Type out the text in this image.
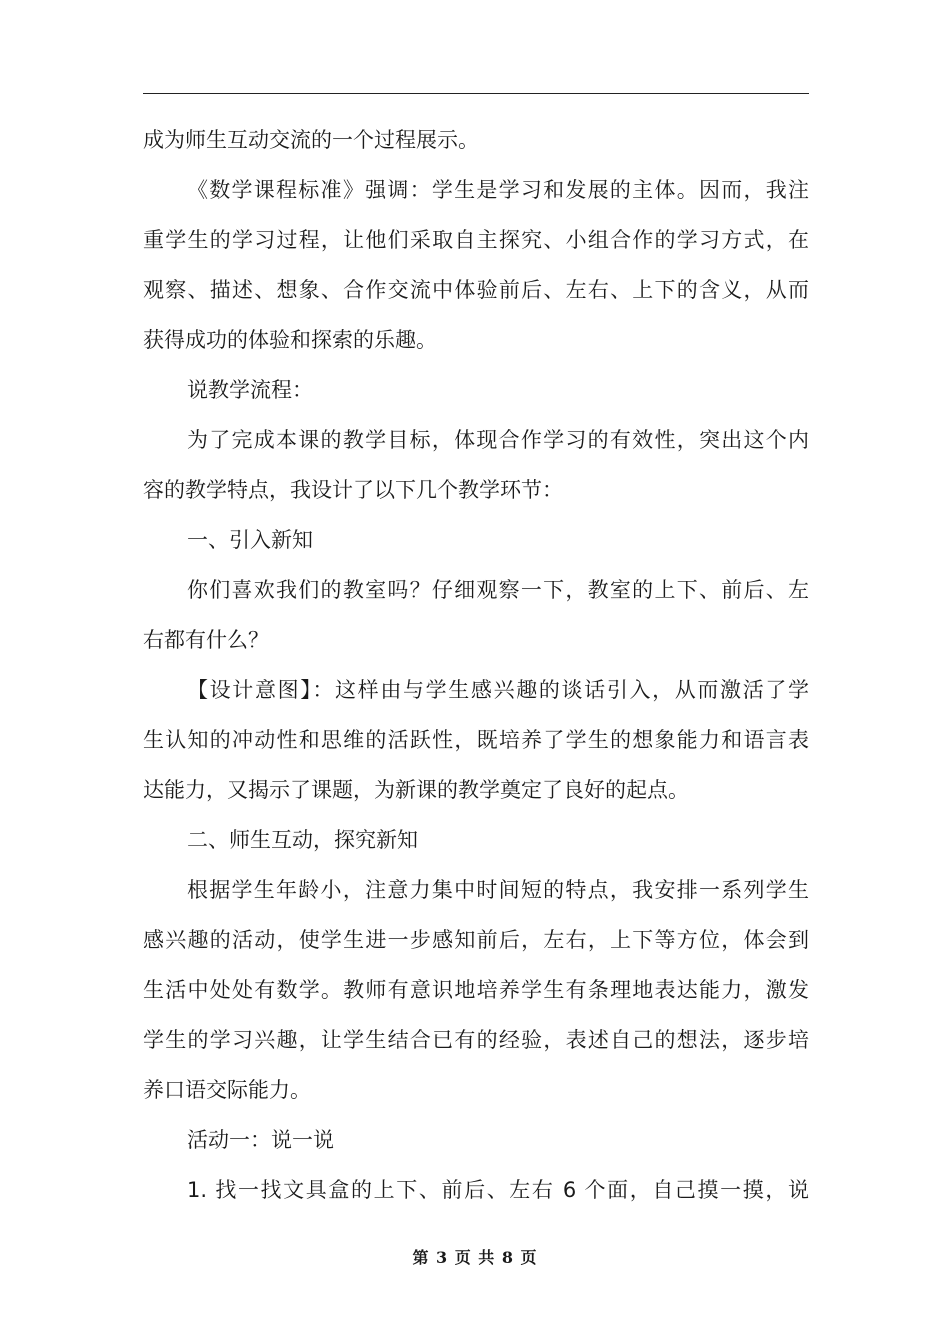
成为师生互动交流的一个过程展示。
《数学课程标准》强调：学生是学习和发展的主体。因而，我注
重学生的学习过程，让他们采取自主探究、小组合作的学习方式，在
观察、描述、想象、合作交流中体验前后、左右、上下的含义，从而
获得成功的体验和探索的乐趣。
说教学流程：
为了完成本课的教学目标，体现合作学习的有效性，突出这个内
容的教学特点，我设计了以下几个教学环节：
一、引入新知
你们喜欢我们的教室吗？仔细观察一下，教室的上下、前后、左
右都有什么？
【设计意图】：这样由与学生感兴趣的谈话引入，从而激活了学
生认知的冲动性和思维的活跃性，既培养了学生的想象能力和语言表
达能力，又揭示了课题，为新课的教学奠定了良好的起点。
二、师生互动，探究新知
根据学生年龄小，注意力集中时间短的特点，我安排一系列学生
感兴趣的活动，使学生进一步感知前后，左右，上下等方位，体会到
生活中处处有数学。教师有意识地培养学生有条理地表达能力，激发
学生的学习兴趣，让学生结合已有的经验，表述自己的想法，逐步培
养口语交际能力。
活动一：说一说
1. 找一找文具盒的上下、前后、左右 6 个面，自己摸一摸，说
第 3 页 共 8 页
